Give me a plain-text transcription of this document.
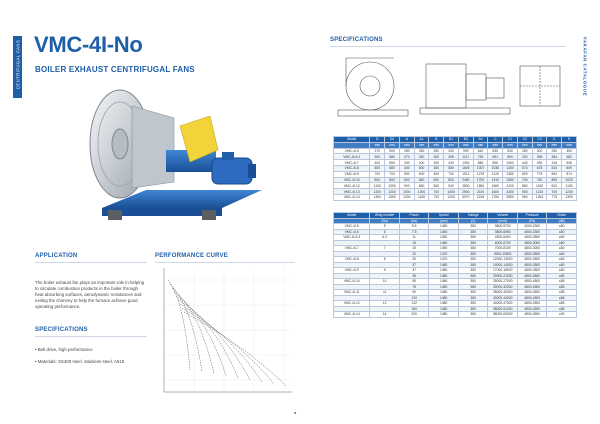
CENTRIFUGAL FANS	VAKAFAN CATALOGUE
VMC-4I-No
BOILER EXHAUST CENTRIFUGAL FANS
SPECIFICATIONS
Model	D	D2	A	A1	B	B1	B3	B4	C	C1	C2	C3	E	H
	mm	mm	mm	mm	mm	mm	mm	mm	mm	mm	mm	mm	mm	mm
VMC-4I-5	270	500	280	330	280	330	990	640	630	530	280	300	250	490
VMC-4I-6.3	300	580	270	350	300	395	1117	750	691	900	292	395	284	482
VMC-4I-7	400	650	330	400	300	430	1304	880	806	1060	440	490	316	508
VMC-4I-8	500	680	400	500	380	550	1605	1007	1036	1260	574	678	510	649
VMC-4I-9	700	700	500	600	400	700	1912	1278	1120	1360	600	775	664	874
VMC-4I-10	800	800	600	660	500	800	2460	1700	1410	1550	740	760	890	1020
VMC-4I-12	1100	1090	900	860	560	940	2800	1850	1560	2200	880	1150	620	1150
VMC-4I-13	1200	1200	1000	1000	700	1000	2900	2100	1600	2300	900	1210	700	1230
VMC-4I-14	1300	1390	1200	1160	720	1200	3070	2215	1784	2850	964	1264	775	1300
Model	Wing number	Power	Speed	Voltage	Volume	Pressure	Noise
	(No)	(kw)	(rpm)	(V)	(m³/h)	(Pa)	(dB)
VMC-4I-5	5	5.5	1450	380	3800-5700	4000-3300	≤80
VMC-4I-6	6	7.5	1450	380	3800-6050	4800-3300	≤80
VMC-4I-6.3	6.3	11	1450	380	4500-6400	4500-3500	≤80
		15	1450	380	6000-6700	4800-3000	≤80
VMC-4I-7	7	15	1450	380	7000-8100	4800-3000	≤80
		22	1470	380	9000-10800	4800-3500	≤80
VMC-4I-8	8	30	1470	380	12000-13000	4800-3500	≤80
		37	1480	380	14000-14000	4800-3500	≤80
VMC-4I-9	9	37	1480	380	17000-18000	4800-3500	≤80
		45	1480	380	20000-21000	4800-3500	≤80
VMC-4I-10	10	55	1480	380	25000-27000	4800-4500	≤85
		75	1480	380	30000-32000	4800-4500	≤85
VMC-4I-11	11	90	1480	380	35000-40000	4800-4500	≤86
		110	1480	380	40000-44000	4800-4500	≤86
VMC-4I-12	12	132	1480	380	44000-47000	4800-4500	≤86
		160	1480	380	48000-51000	4800-4500	≤86
VMC-4I-14	14	200	1480	380	55000-60000	4800-4500	≤90
APPLICATION
The boiler exhaust fan plays an important role in helping to circulate combustion products in the boiler through heat absorbing surfaces, aerodynamic resistances and exiting the chimney to help the furnace achieve good operating performance.
SPECIFICATIONS
• Belt drive, high performance
• Materials: SS400 steel, stainless steel, A515
PERFORMANCE CURVE
●
